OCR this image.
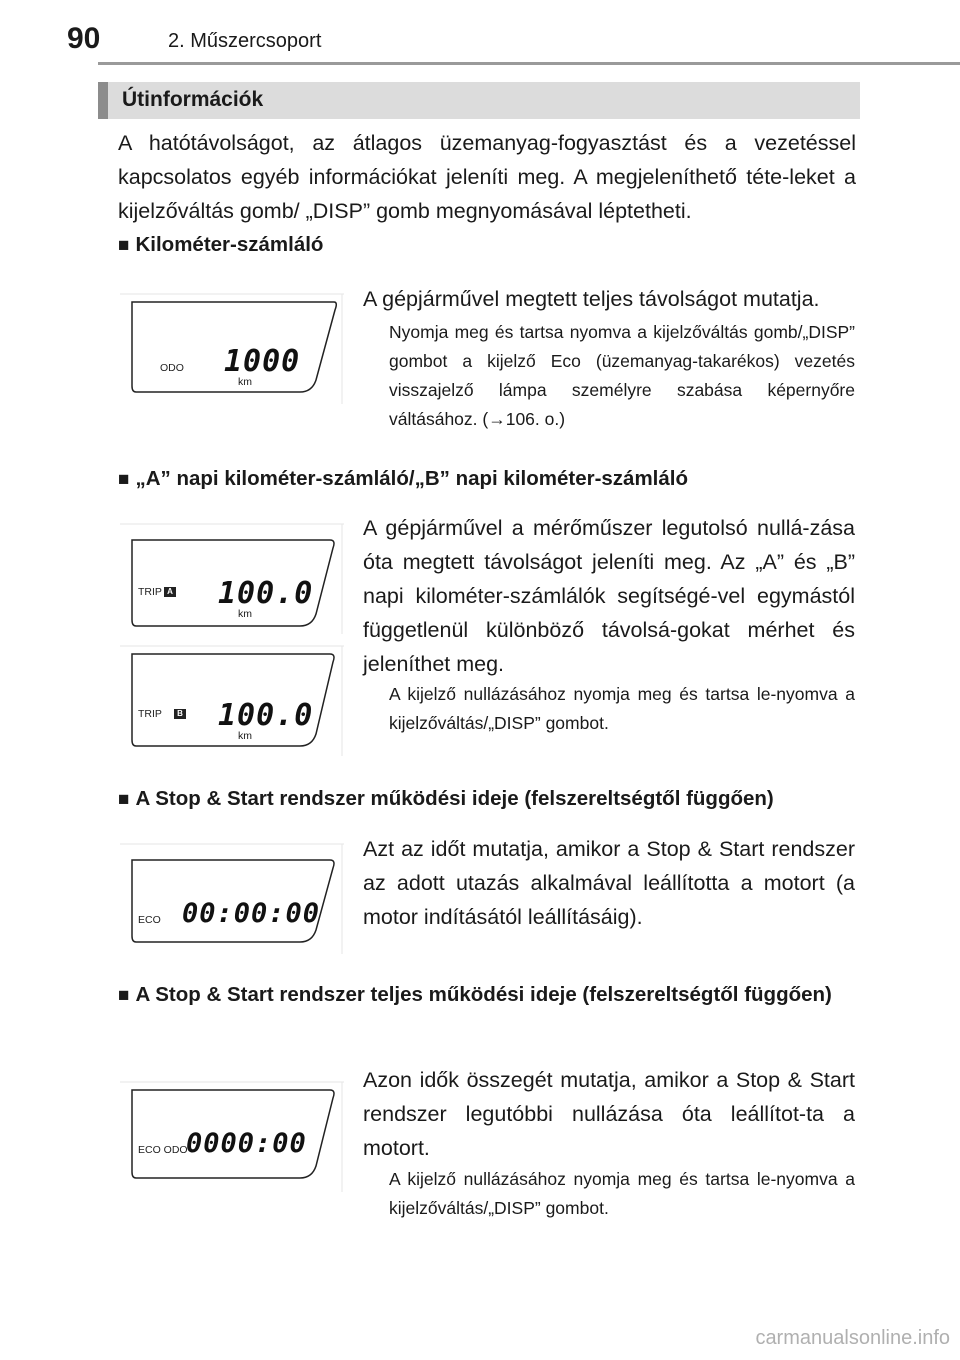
90	2. Műszercsoport
Útinformációk

A hatótávolságot, az átlagos üzemanyag-fogyasztást és a vezetéssel kapcsolatos egyéb információkat jeleníti meg. A megjeleníthető téte-leket a kijelzőváltás gomb/ „DISP” gomb megnyomásával léptetheti.

■ Kilométer-számláló
ODO 1000
km

A gépjárművel megtett teljes távolságot mutatja.

Nyomja meg és tartsa nyomva a kijelzőváltás gomb/„DISP” gombot a kijelző Eco (üzemanyag-takarékos) vezetés visszajelző lámpa személyre szabása képernyőre váltásához. (→106. o.)

■ „A” napi kilométer-számláló/„B” napi kilométer-számláló
TRIP A 100.0
km
TRIP	B 100.0
km

A gépjárművel a mérőműszer legutolsó nullá-zása óta megtett távolságot jeleníti meg. Az „A” és „B” napi kilométer-számlálók segítségé-vel egymástól függetlenül különböző távolsá-gokat mérhet és jeleníthet meg.

A kijelző nullázásához nyomja meg és tartsa le-nyomva a kijelzőváltás/„DISP” gombot.

■ A Stop & Start rendszer működési ideje (felszereltségtől függően)
ECO 00:00:00

Azt az időt mutatja, amikor a Stop & Start rendszer az adott utazás alkalmával leállította a motort (a motor indításától leállításáig).

■ A Stop & Start rendszer teljes működési ideje (felszereltségtől függően)
ECO ODO
0000:00

Azon idők összegét mutatja, amikor a Stop & Start rendszer legutóbbi nullázása óta leállítot-ta a motort.

A kijelző nullázásához nyomja meg és tartsa le-nyomva a kijelzőváltás/„DISP” gombot.

carmanualsonline.info
